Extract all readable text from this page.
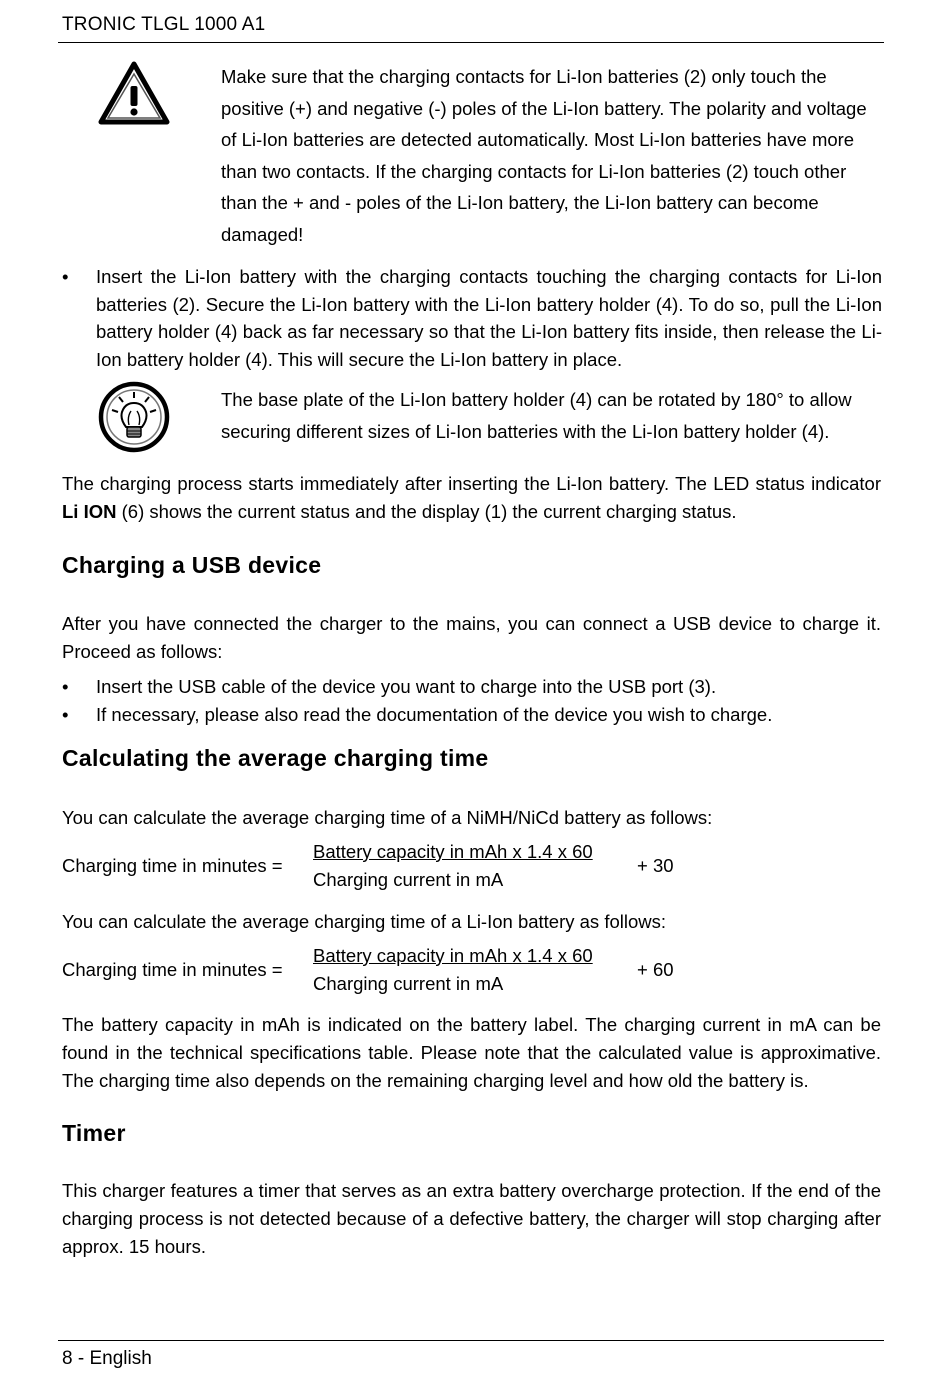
TRONIC TLGL 1000 A1
Make sure that the charging contacts for Li-Ion batteries (2) only touch the positive (+) and negative (-) poles of the Li-Ion battery. The polarity and voltage of Li-Ion batteries are detected automatically. Most Li-Ion batteries have more than two contacts. If the charging contacts for Li-Ion batteries (2) touch other than the + and - poles of the Li-Ion battery, the Li-Ion battery can become damaged!
• Insert the Li-Ion battery with the charging contacts touching the charging contacts for Li-Ion batteries (2). Secure the Li-Ion battery with the Li-Ion battery holder (4). To do so, pull the Li-Ion battery holder (4) back as far necessary so that the Li-Ion battery fits inside, then release the Li-Ion battery holder (4). This will secure the Li-Ion battery in place.
The base plate of the Li-Ion battery holder (4) can be rotated by 180° to allow securing different sizes of Li-Ion batteries with the Li-Ion battery holder (4).
The charging process starts immediately after inserting the Li-Ion battery. The LED status indicator Li ION (6) shows the current status and the display (1) the current charging status.
Charging a USB device
After you have connected the charger to the mains, you can connect a USB device to charge it. Proceed as follows:
• Insert the USB cable of the device you want to charge into the USB port (3).
• If necessary, please also read the documentation of the device you wish to charge.
Calculating the average charging time
You can calculate the average charging time of a NiMH/NiCd battery as follows:
Charging time in minutes =
Battery capacity in mAh x 1.4 x 60
Charging current in mA
+ 30
You can calculate the average charging time of a Li-Ion battery as follows:
Charging time in minutes =
Battery capacity in mAh x 1.4 x 60
Charging current in mA
+ 60
The battery capacity in mAh is indicated on the battery label. The charging current in mA can be found in the technical specifications table. Please note that the calculated value is approximative. The charging time also depends on the remaining charging level and how old the battery is.
Timer
This charger features a timer that serves as an extra battery overcharge protection. If the end of the charging process is not detected because of a defective battery, the charger will stop charging after approx. 15 hours.
8 - English
